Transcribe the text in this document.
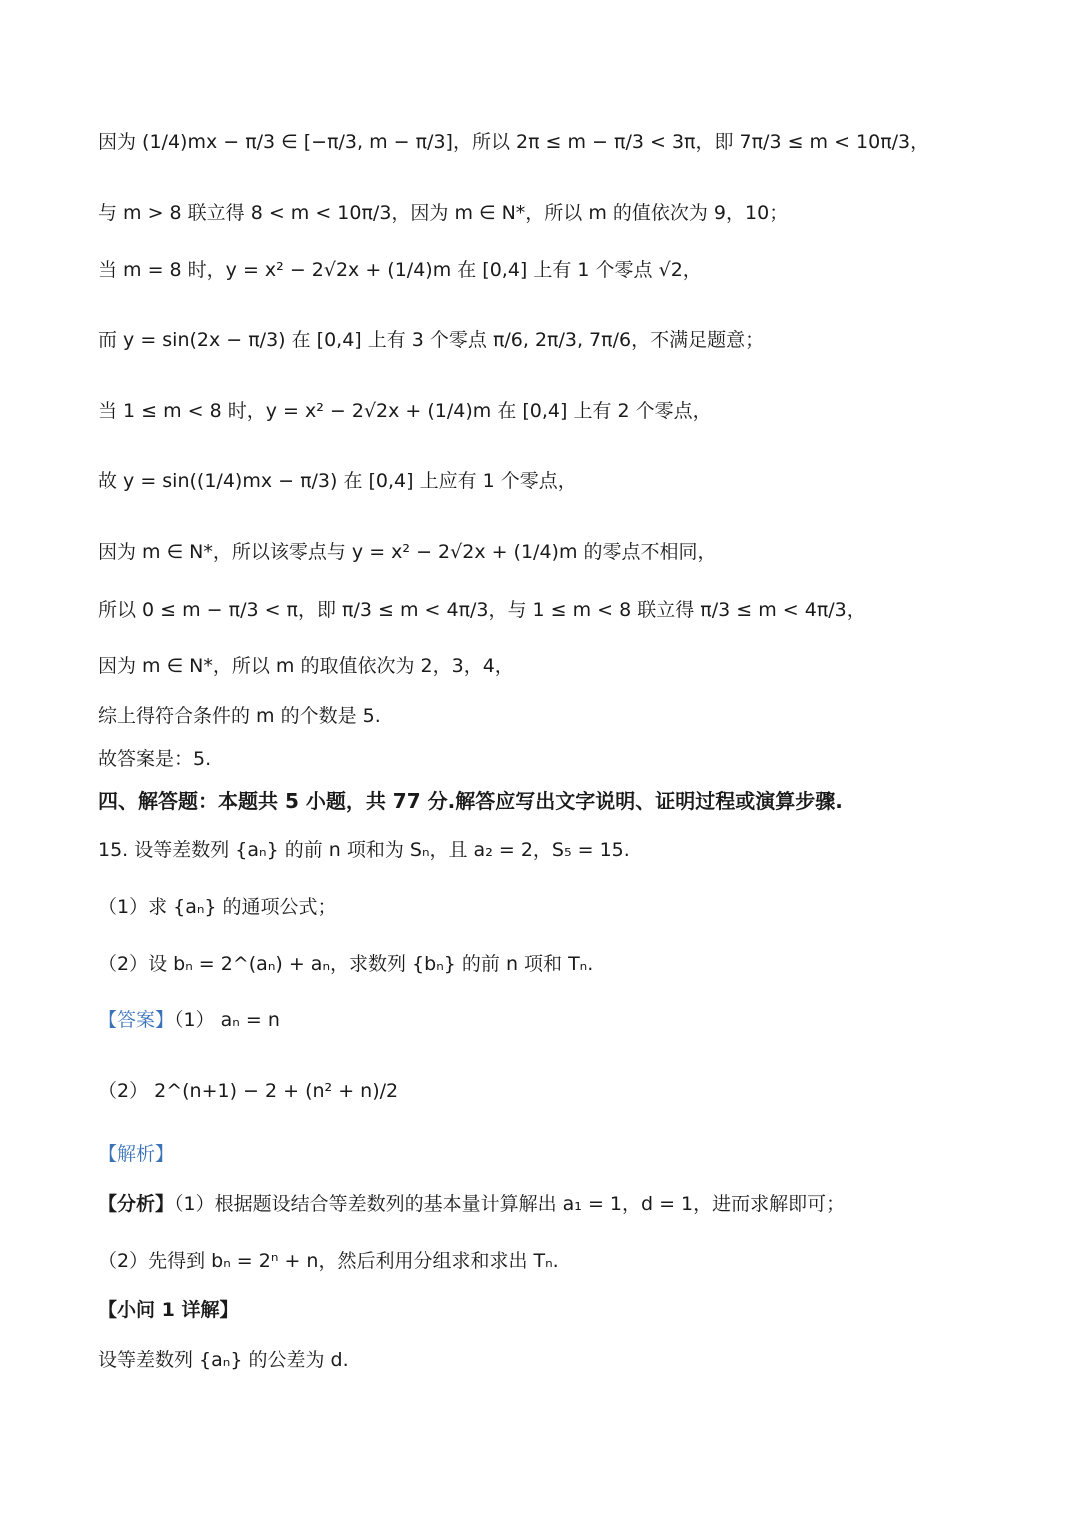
因为 (1/4)mx − π/3 ∈ [−π/3, m − π/3]，所以 2π ≤ m − π/3 < 3π，即 7π/3 ≤ m < 10π/3，
与 m > 8 联立得 8 < m < 10π/3，因为 m ∈ N*，所以 m 的值依次为 9，10；
当 m = 8 时，y = x² − 2√2x + (1/4)m 在 [0,4] 上有 1 个零点 √2，
而 y = sin(2x − π/3) 在 [0,4] 上有 3 个零点 π/6, 2π/3, 7π/6，不满足题意；
当 1 ≤ m < 8 时，y = x² − 2√2x + (1/4)m 在 [0,4] 上有 2 个零点，
故 y = sin((1/4)mx − π/3) 在 [0,4] 上应有 1 个零点，
因为 m ∈ N*，所以该零点与 y = x² − 2√2x + (1/4)m 的零点不相同，
所以 0 ≤ m − π/3 < π，即 π/3 ≤ m < 4π/3，与 1 ≤ m < 8 联立得 π/3 ≤ m < 4π/3，
因为 m ∈ N*，所以 m 的取值依次为 2，3，4，
综上得符合条件的 m 的个数是 5.
故答案是：5.
四、解答题：本题共 5 小题，共 77 分.解答应写出文字说明、证明过程或演算步骤.
15. 设等差数列 {aₙ} 的前 n 项和为 Sₙ，且 a₂ = 2，S₅ = 15.
（1）求 {aₙ} 的通项公式；
（2）设 bₙ = 2^(aₙ) + aₙ，求数列 {bₙ} 的前 n 项和 Tₙ.
【答案】（1） aₙ = n
（2） 2^(n+1) − 2 + (n² + n)/2
【解析】
【分析】（1）根据题设结合等差数列的基本量计算解出 a₁ = 1，d = 1，进而求解即可；
（2）先得到 bₙ = 2ⁿ + n，然后利用分组求和求出 Tₙ.
【小问 1 详解】
设等差数列 {aₙ} 的公差为 d.
